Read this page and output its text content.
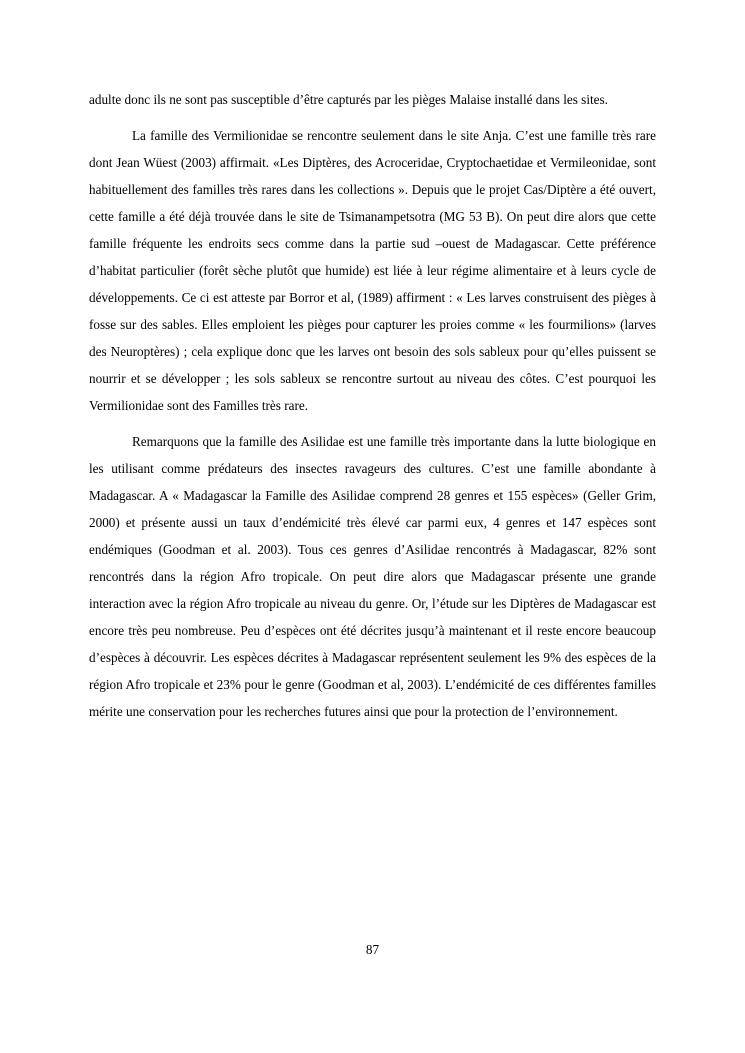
adulte donc ils ne sont pas susceptible d’être capturés par les pièges Malaise installé dans les sites.

La famille des Vermilionidae se rencontre seulement dans le site Anja. C’est une famille très rare dont Jean Wüest (2003) affirmait. «Les Diptères, des Acroceridae, Cryptochaetidae et Vermileonidae, sont habituellement des familles très rares dans les collections ». Depuis que le projet Cas/Diptère a été ouvert, cette famille a été déjà trouvée dans le site de Tsimanampetsotra (MG 53 B). On peut dire alors que cette famille fréquente les endroits secs comme dans la partie sud –ouest de Madagascar. Cette préférence d’habitat particulier (forêt sèche plutôt que humide) est liée à leur régime alimentaire et à leurs cycle de développements. Ce ci est atteste par Borror et al, (1989) affirment : « Les larves construisent des pièges à fosse sur des sables. Elles emploient les pièges pour capturer les proies comme « les fourmilions» (larves des Neuroptères) ; cela explique donc que les larves ont besoin des sols sableux pour qu’elles puissent se nourrir et se développer ; les sols sableux se rencontre surtout au niveau des côtes. C’est pourquoi les Vermilionidae sont des Familles très rare.

Remarquons que la famille des Asilidae est une famille très importante dans la lutte biologique en les utilisant comme prédateurs des insectes ravageurs des cultures. C’est une famille abondante à Madagascar. A « Madagascar la Famille des Asilidae comprend 28 genres et 155 espèces» (Geller Grim, 2000) et présente aussi un taux d’endémicité très élevé car parmi eux, 4 genres et 147 espèces sont endémiques (Goodman et al. 2003). Tous ces genres d’Asilidae rencontrés à Madagascar, 82% sont rencontrés dans la région Afro tropicale. On peut dire alors que Madagascar présente une grande interaction avec la région Afro tropicale au niveau du genre. Or, l’étude sur les Diptères de Madagascar est encore très peu nombreuse. Peu d’espèces ont été décrites jusqu’à maintenant et il reste encore beaucoup d’espèces à découvrir. Les espèces décrites à Madagascar représentent seulement les 9% des espèces de la région Afro tropicale et 23% pour le genre (Goodman et al, 2003). L’endémicité de ces différentes familles mérite une conservation pour les recherches futures ainsi que pour la protection de l’environnement.

87
